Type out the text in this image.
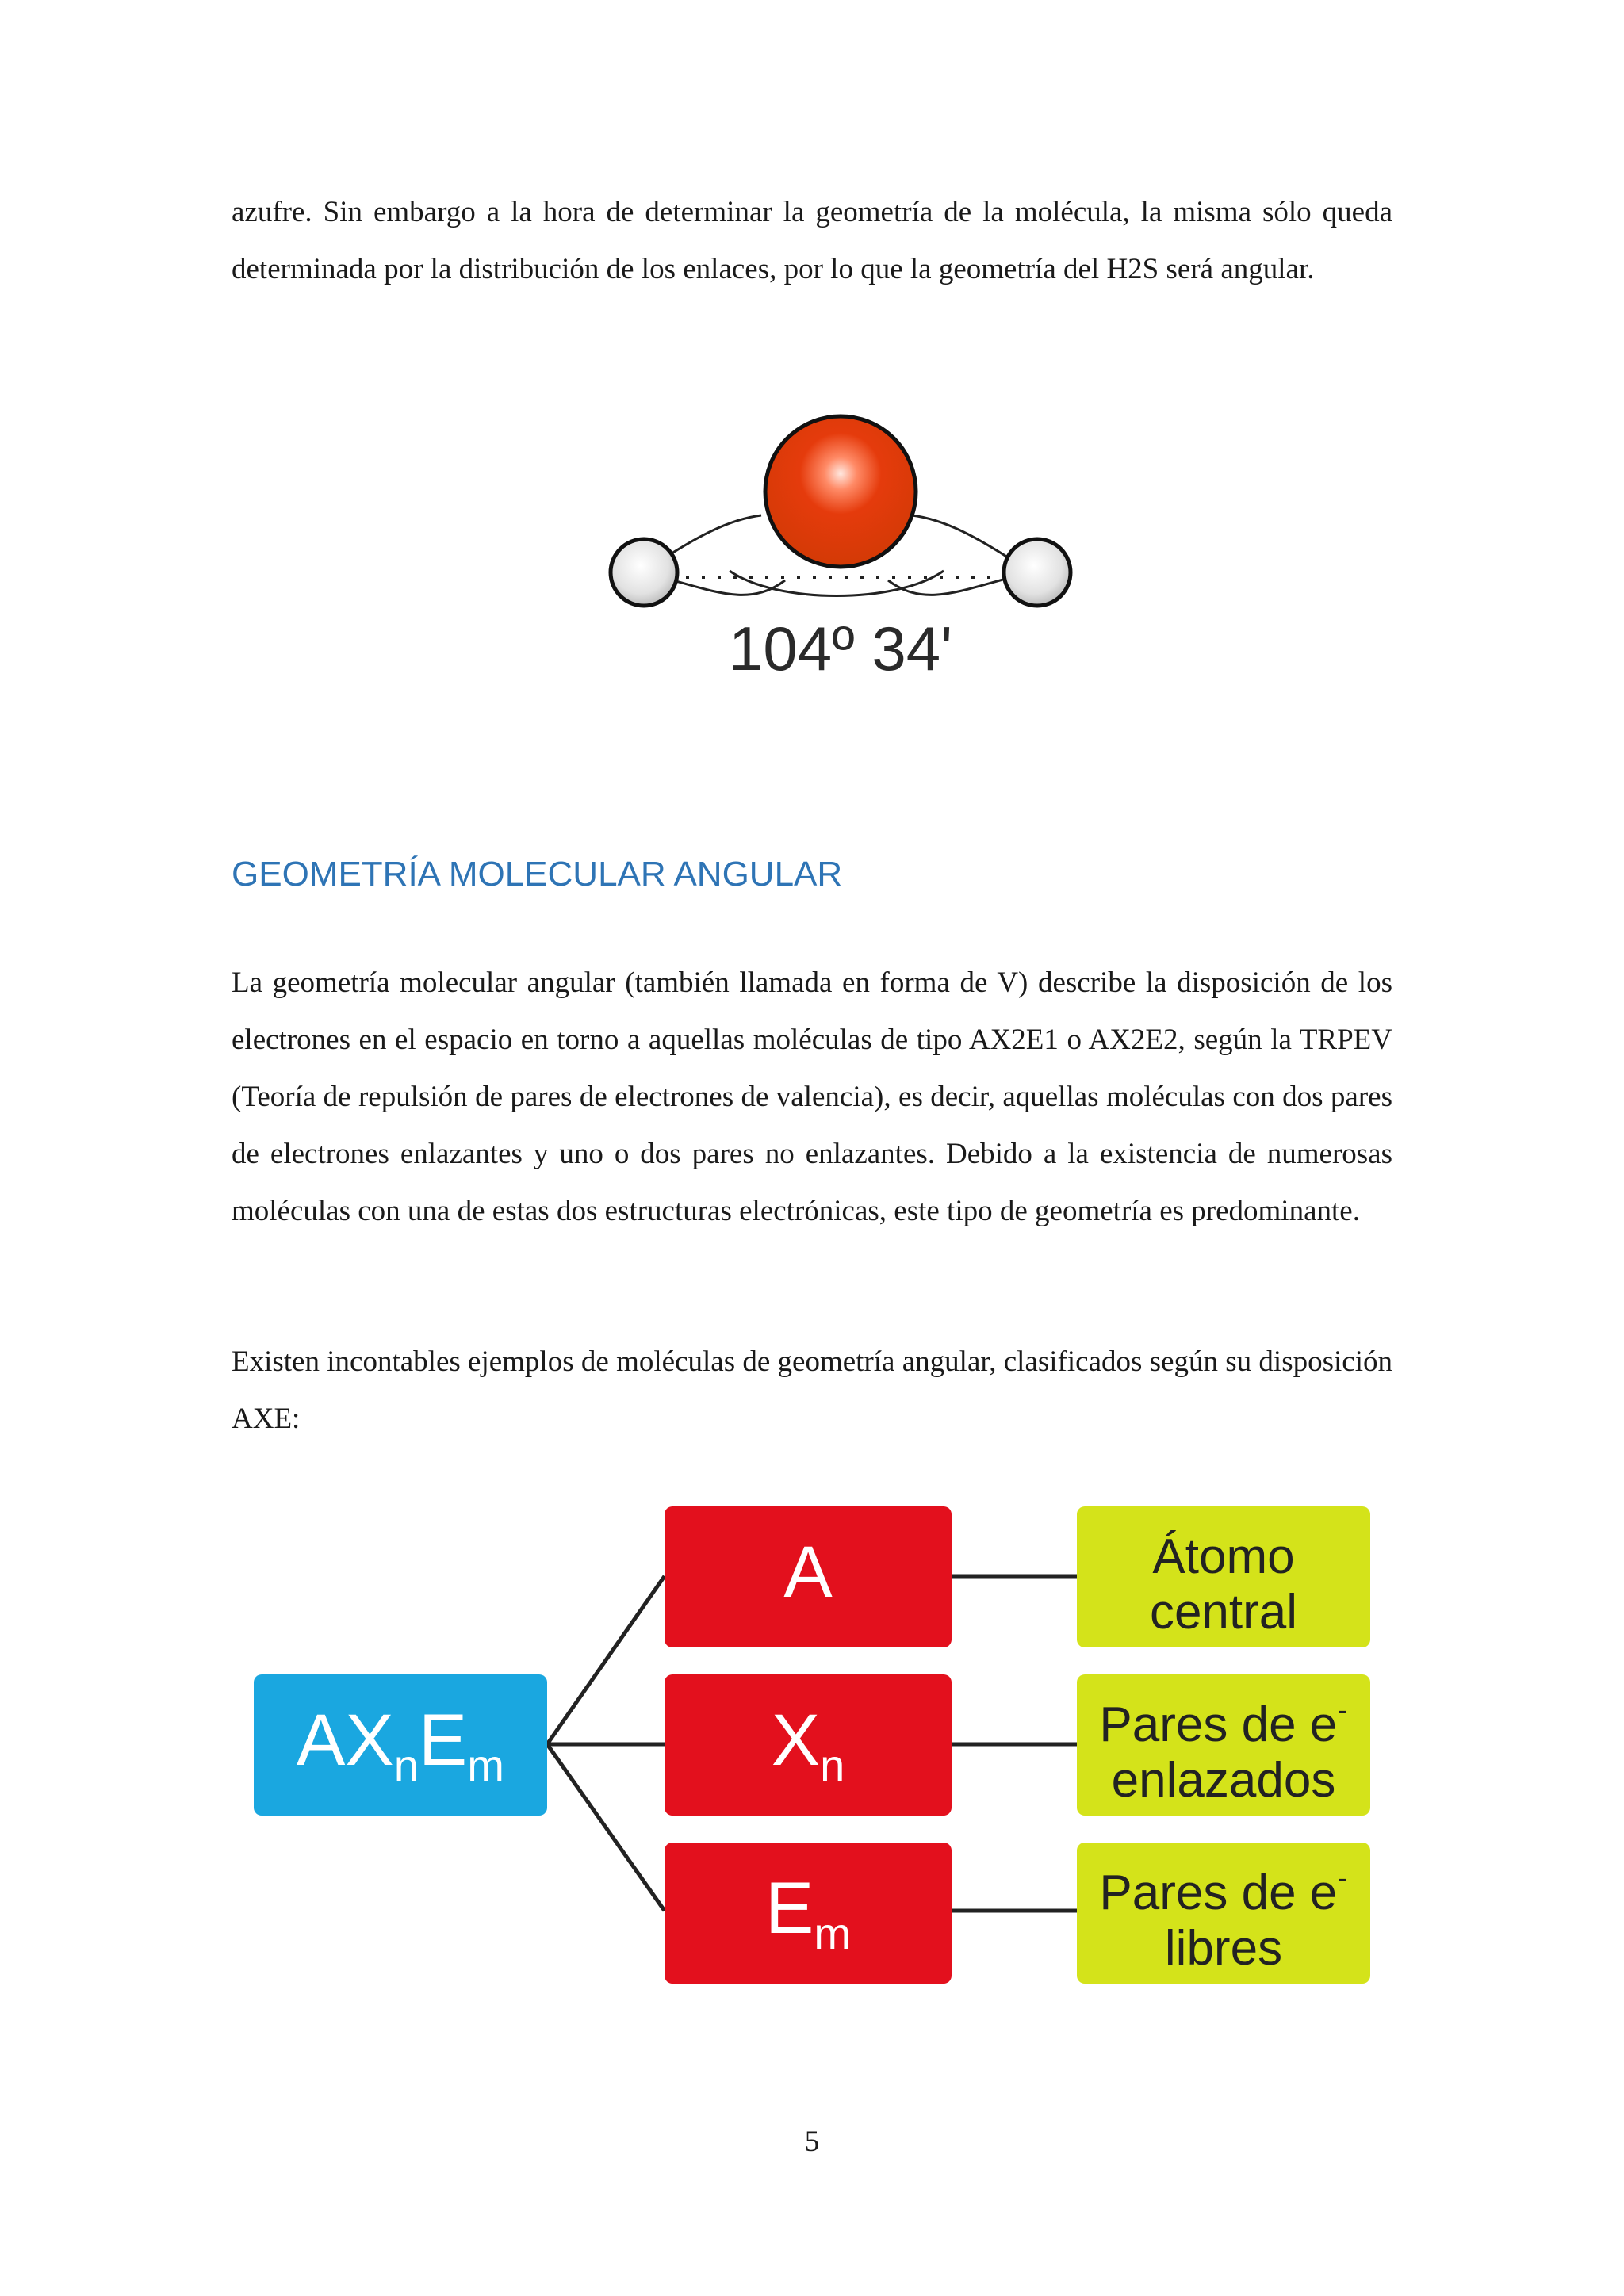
azufre. Sin embargo a la hora de determinar la geometría de la molécula, la misma sólo queda determinada por la distribución de los enlaces, por lo que la geometría del H2S será angular.

104º 34'
GEOMETRÍA MOLECULAR ANGULAR

La geometría molecular angular (también llamada en forma de V) describe la disposición de los electrones en el espacio en torno a aquellas moléculas de tipo AX2E1 o AX2E2, según la TRPEV (Teoría de repulsión de pares de electrones de valencia), es decir, aquellas moléculas con dos pares de electrones enlazantes y uno o dos pares no enlazantes. Debido a la existencia de numerosas moléculas con una de estas dos estructuras electrónicas, este tipo de geometría es predominante.

Existen incontables ejemplos de moléculas de geometría angular, clasificados según su disposición AXE:

$AX_nE_m$
A
$X_n$
$E_m$
Átomo
central
Pares de e-
enlazados
Pares de e-
libres
5
